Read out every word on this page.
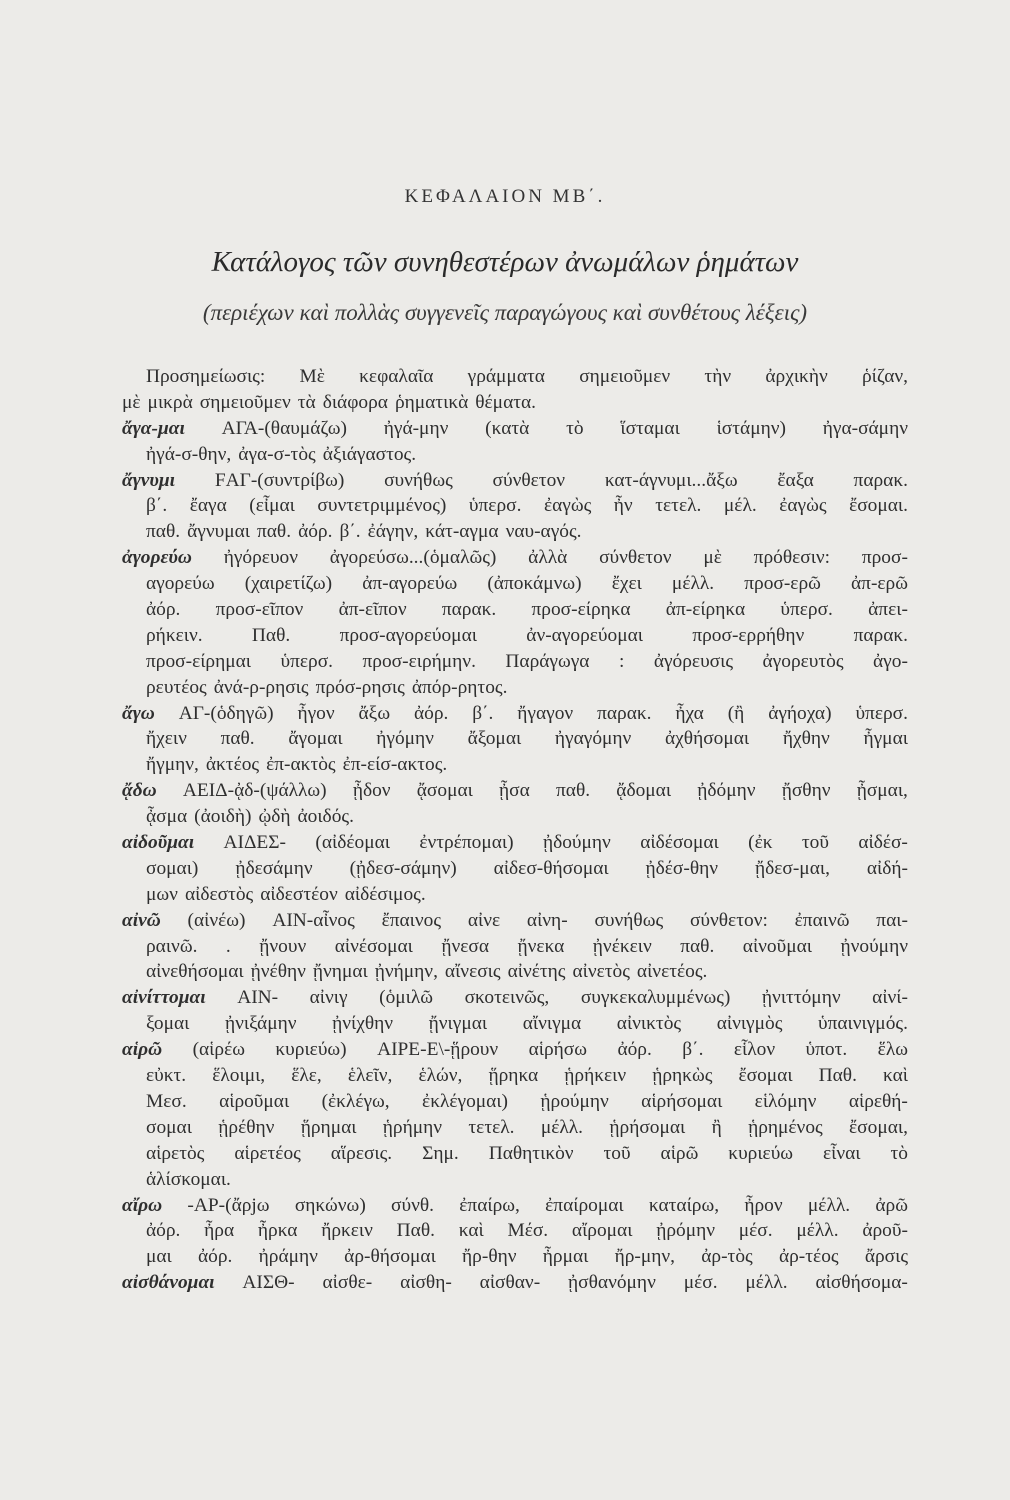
ΚΕΦΑΛΑΙΟΝ ΜΒ΄.
Κατάλογος τῶν συνηθεστέρων ἀνωμάλων ῥημάτων
(περιέχων καὶ πολλὰς συγγενεῖς παραγώγους καὶ συνθέτους λέξεις)
Προσημείωσις: Μὲ κεφαλαῖα γράμματα σημειοῦμεν τὴν ἀρχικὴν ῥίζαν,
μὲ μικρὰ σημειοῦμεν τὰ διάφορα ῥηματικὰ θέματα.
ἄγα-μαι ΑΓΑ-(θαυμάζω) ἠγά-μην (κατὰ τὸ ἵσταμαι ἱστάμην) ἠγα-σάμην
ἠγά-σ-θην, ἀγα-σ-τὸς ἀξιάγαστος.
ἄγνυμι FΑΓ-(συντρίβω) συνήθως σύνθετον κατ-άγνυμι...ἄξω ἔαξα παρακ.
β΄. ἔαγα (εἶμαι συντετριμμένος) ὑπερσ. ἐαγὼς ἦν τετελ. μέλ. ἐαγὼς ἔσομαι.
παθ. ἄγνυμαι παθ. ἀόρ. β΄. ἐάγην, κάτ-αγμα ναυ-αγός.
ἀγορεύω ἠγόρευον ἀγορεύσω...(ὁμαλῶς) ἀλλὰ σύνθετον μὲ πρόθεσιν: προσ-
αγορεύω (χαιρετίζω) ἀπ-αγορεύω (ἀποκάμνω) ἔχει μέλλ. προσ-ερῶ ἀπ-ερῶ
ἀόρ. προσ-εῖπον ἀπ-εῖπον παρακ. προσ-είρηκα ἀπ-είρηκα ὑπερσ. ἀπει-
ρήκειν.	Παθ.	προσ-αγορεύομαι	ἀν-αγορεύομαι	προσ-ερρήθην	παρακ.
προσ-είρημαι ὑπερσ. προσ-ειρήμην. Παράγωγα : ἀγόρευσις ἀγορευτὸς ἀγο-
ρευτέος ἀνά-ρ-ρησις πρόσ-ρησις ἀπόρ-ρητος.
ἄγω ΑΓ-(ὁδηγῶ) ἦγον ἄξω ἀόρ. β΄. ἤγαγον παρακ. ἦχα (ἢ ἀγήοχα) ὑπερσ.
ἤχειν παθ. ἄγομαι ἠγόμην ἄξομαι ἠγαγόμην ἀχθήσομαι ἤχθην ἦγμαι
ἤγμην, ἀκτέος ἐπ-ακτὸς ἐπ-είσ-ακτος.
ᾄδω ΑΕΙΔ-ᾀδ-(ψάλλω) ᾖδον ᾄσομαι ᾖσα παθ. ᾄδομαι ᾐδόμην ᾔσθην ᾖσμαι,
ᾆσμα (ἀοιδὴ) ᾠδὴ ἀοιδός.
αἰδοῦμαι ΑΙΔΕΣ- (αἰδέομαι ἐντρέπομαι) ᾐδούμην αἰδέσομαι (ἐκ τοῦ αἰδέσ-
σομαι) ᾐδεσάμην (ᾐδεσ-σάμην) αἰδεσ-θήσομαι ᾐδέσ-θην ᾔδεσ-μαι, αἰδή-
μων αἰδεστὸς αἰδεστέον αἰδέσιμος.
αἰνῶ (αἰνέω) ΑΙΝ-αἶνος ἔπαινος αἰνε αἰνη- συνήθως σύνθετον: ἐπαινῶ παι-
ραινῶ. . ᾔνουν αἰνέσομαι ᾔνεσα ᾔνεκα ᾐνέκειν παθ. αἰνοῦμαι ᾐνούμην
αἰνεθήσομαι ᾐνέθην ᾔνημαι ᾐνήμην, αἴνεσις αἰνέτης αἰνετὸς αἰνετέος.
αἰνίττομαι ΑΙΝ- αἰνιγ (ὁμιλῶ σκοτεινῶς, συγκεκαλυμμένως) ᾐνιττόμην αἰνί-
ξομαι ᾐνιξάμην ᾐνίχθην ᾔνιγμαι αἴνιγμα αἰνικτὸς αἰνιγμὸς ὑπαινιγμός.
αἱρῶ (αἱρέω κυριεύω) ΑΙΡΕ-Ε\-ᾕρουν αἱρήσω ἀόρ. β΄. εἷλον ὑποτ. ἕλω
εὐκτ. ἕλοιμι, ἕλε, ἑλεῖν, ἑλών, ᾕρηκα ᾑρήκειν ᾑρηκὼς ἔσομαι Παθ. καὶ
Μεσ. αἱροῦμαι (ἐκλέγω, ἐκλέγομαι) ᾑρούμην αἱρήσομαι εἱλόμην αἱρεθή-
σομαι ᾑρέθην ᾕρημαι ᾑρήμην τετελ. μέλλ. ᾑρήσομαι ἢ ᾑρημένος ἔσομαι,
αἱρετὸς αἱρετέος αἵρεσις. Σημ. Παθητικὸν τοῦ αἱρῶ κυριεύω εἶναι τὸ
ἁλίσκομαι.
αἴρω -ΑΡ-(ἄρjω σηκώνω) σύνθ. ἐπαίρω, ἐπαίρομαι καταίρω, ἦρον μέλλ. ἀρῶ
ἀόρ. ἦρα ἦρκα ἤρκειν Παθ. καὶ Μέσ. αἴρομαι ᾐρόμην μέσ. μέλλ. ἀροῦ-
μαι ἀόρ. ἠράμην ἀρ-θήσομαι ἤρ-θην ἦρμαι ἤρ-μην, ἀρ-τὸς ἀρ-τέος ἄρσις
αἰσθάνομαι ΑΙΣΘ- αἰσθε- αἰσθη- αἰσθαν- ᾐσθανόμην μέσ. μέλλ. αἰσθήσομα-
